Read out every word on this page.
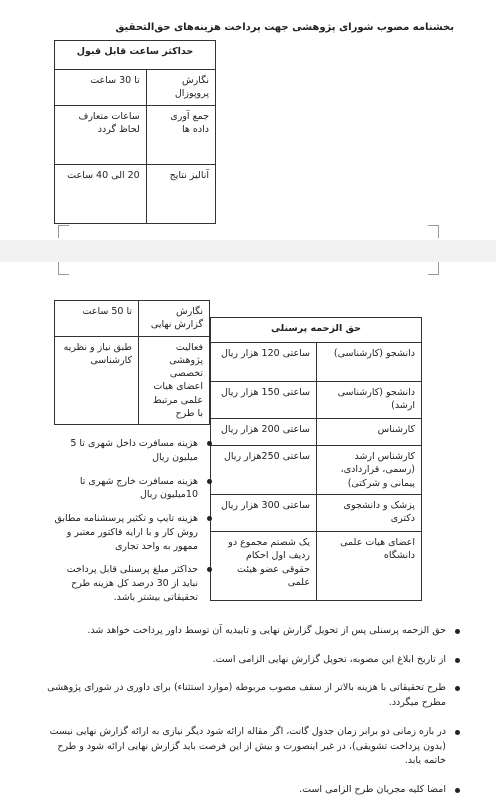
بخشنامه مصوب شورای پ‍ژوهشی جهت پرداخت هزینه‌های حق‌التحقیق
حداکثر ساعت قابل قبول	
نگارش پروپوزال	تا 30 ساعت
جمع آوری داده ها	ساعات متعارف لحاظ گردد
آنالیز نتایج	20 الی 40 ساعت
نگارش گزارش نهایی	تا 50 ساعت
فعالیت پژوهشی تخصصی اعضای هیات علمی مرتبط با طرح	طبق نیاز و نظریه کارشناسی
حق الزحمه پرسنلی	
دانشجو (کارشناسی)	ساعتی 120 هزار ریال
دانشجو (کارشناسی ارشد)	ساعتی 150 هزار ریال
کارشناس	ساعتی 200 هزار ریال
کارشناس ارشد (رسمی، قراردادی، پیمانی و شرکتی)	ساعتی 250هزار ریال
پزشک و دانشجوی دکتری	ساعتی 300 هزار ریال
اعضای هیات علمی دانشگاه	یک شصتم مجموع دو ردیف اول احکام حقوقی عضو هیئت علمی
هزینه مسافرت داخل شهری تا 5 میلیون ریال
هزینه مسافرت خارج شهری تا 10میلیون ریال
هزینه تایپ و تکثیر پرسشنامه مطابق روش کار و با ارایه فاکتور معتبر و ممهور به واحد تجاری
حداکثر مبلغ پرسنلی قابل پرداخت نباید از 30 درصد کل هزینه طرح تحقیقاتی بیشتر باشد.
حق الزحمه پرسنلی پس از تحویل گزارش نهایی و تاییدیه آن توسط داور پرداخت خواهد شد.
از تاریخ ابلاغ این مصوبه، تحویل گزارش نهایی الزامی است.
طرح تحقیقاتی با هزینه بالاتر از سقف مصوب مربوطه (موارد استثناء) برای داوری در شورای پژوهشی مطرح میگردد.
در بازه زمانی دو برابر زمان جدول گانت، اگر مقاله ارائه شود دیگر نیازی به ارائه گزارش نهایی نیست (بدون پرداخت تشویقی)، در غیر اینصورت و بیش از این فرصت باید گزارش نهایی ارائه شود و طرح خاتمه یابد.
امضا کلیه مجریان طرح الزامی است.
